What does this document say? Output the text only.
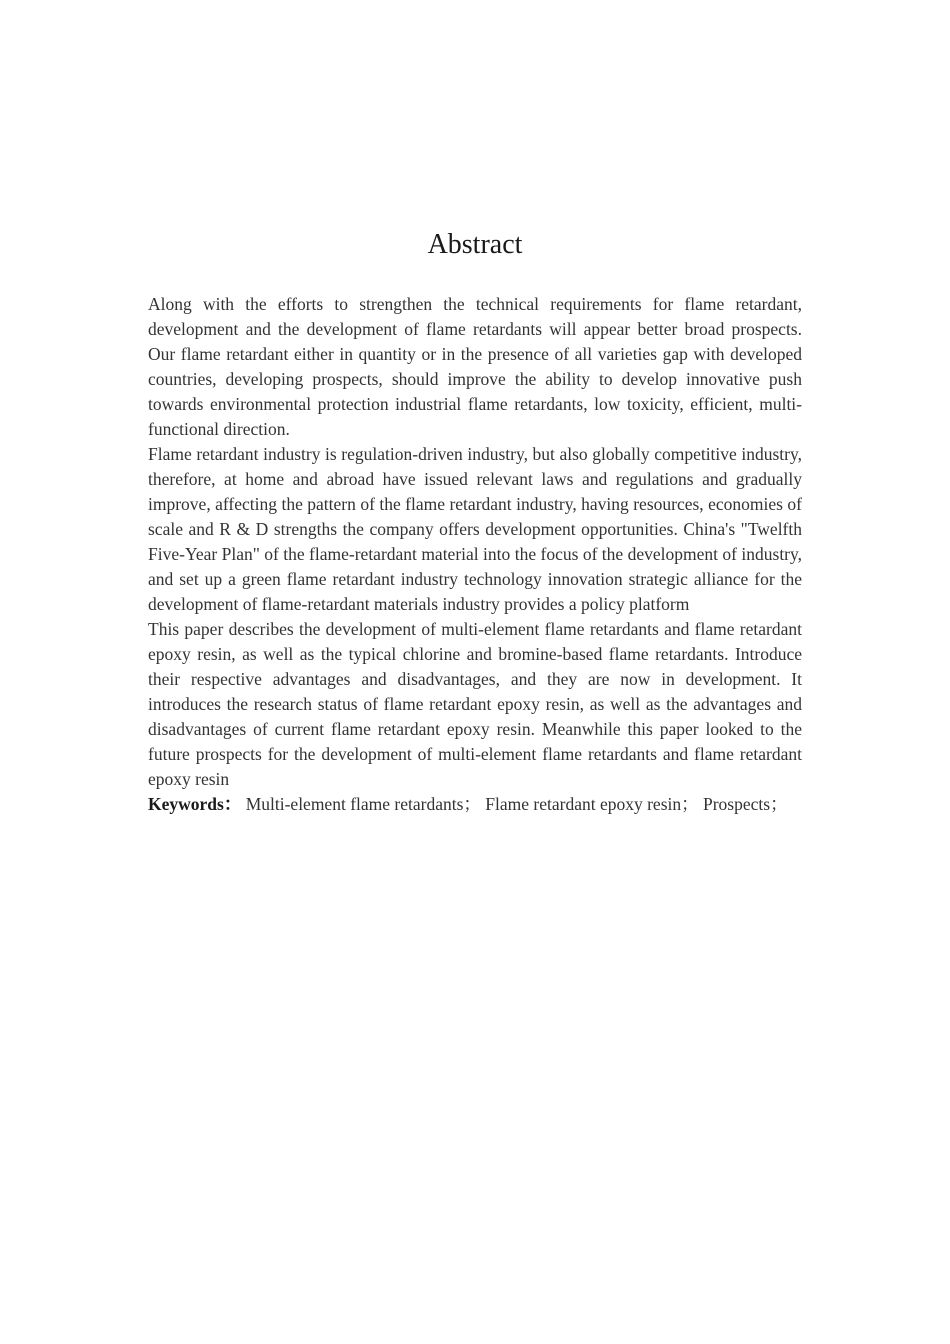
Abstract

Along with the efforts to strengthen the technical requirements for flame retardant, development and the development of flame retardants will appear better broad prospects. Our flame retardant either in quantity or in the presence of all varieties gap with developed countries, developing prospects, should improve the ability to develop innovative push towards environmental protection industrial flame retardants, low toxicity, efficient, multi-functional direction.

Flame retardant industry is regulation-driven industry, but also globally competitive industry, therefore, at home and abroad have issued relevant laws and regulations and gradually improve, affecting the pattern of the flame retardant industry, having resources, economies of scale and R & D strengths the company offers development opportunities. China's "Twelfth Five-Year Plan" of the flame-retardant material into the focus of the development of industry, and set up a green flame retardant industry technology innovation strategic alliance for the development of flame-retardant materials industry provides a policy platform

This paper describes the development of multi-element flame retardants and flame retardant epoxy resin, as well as the typical chlorine and bromine-based flame retardants. Introduce their respective advantages and disadvantages, and they are now in development. It introduces the research status of flame retardant epoxy resin, as well as the advantages and disadvantages of current flame retardant epoxy resin. Meanwhile this paper looked to the future prospects for the development of multi-element flame retardants and flame retardant epoxy resin

Keywords： Multi-element flame retardants； Flame retardant epoxy resin； Prospects；
